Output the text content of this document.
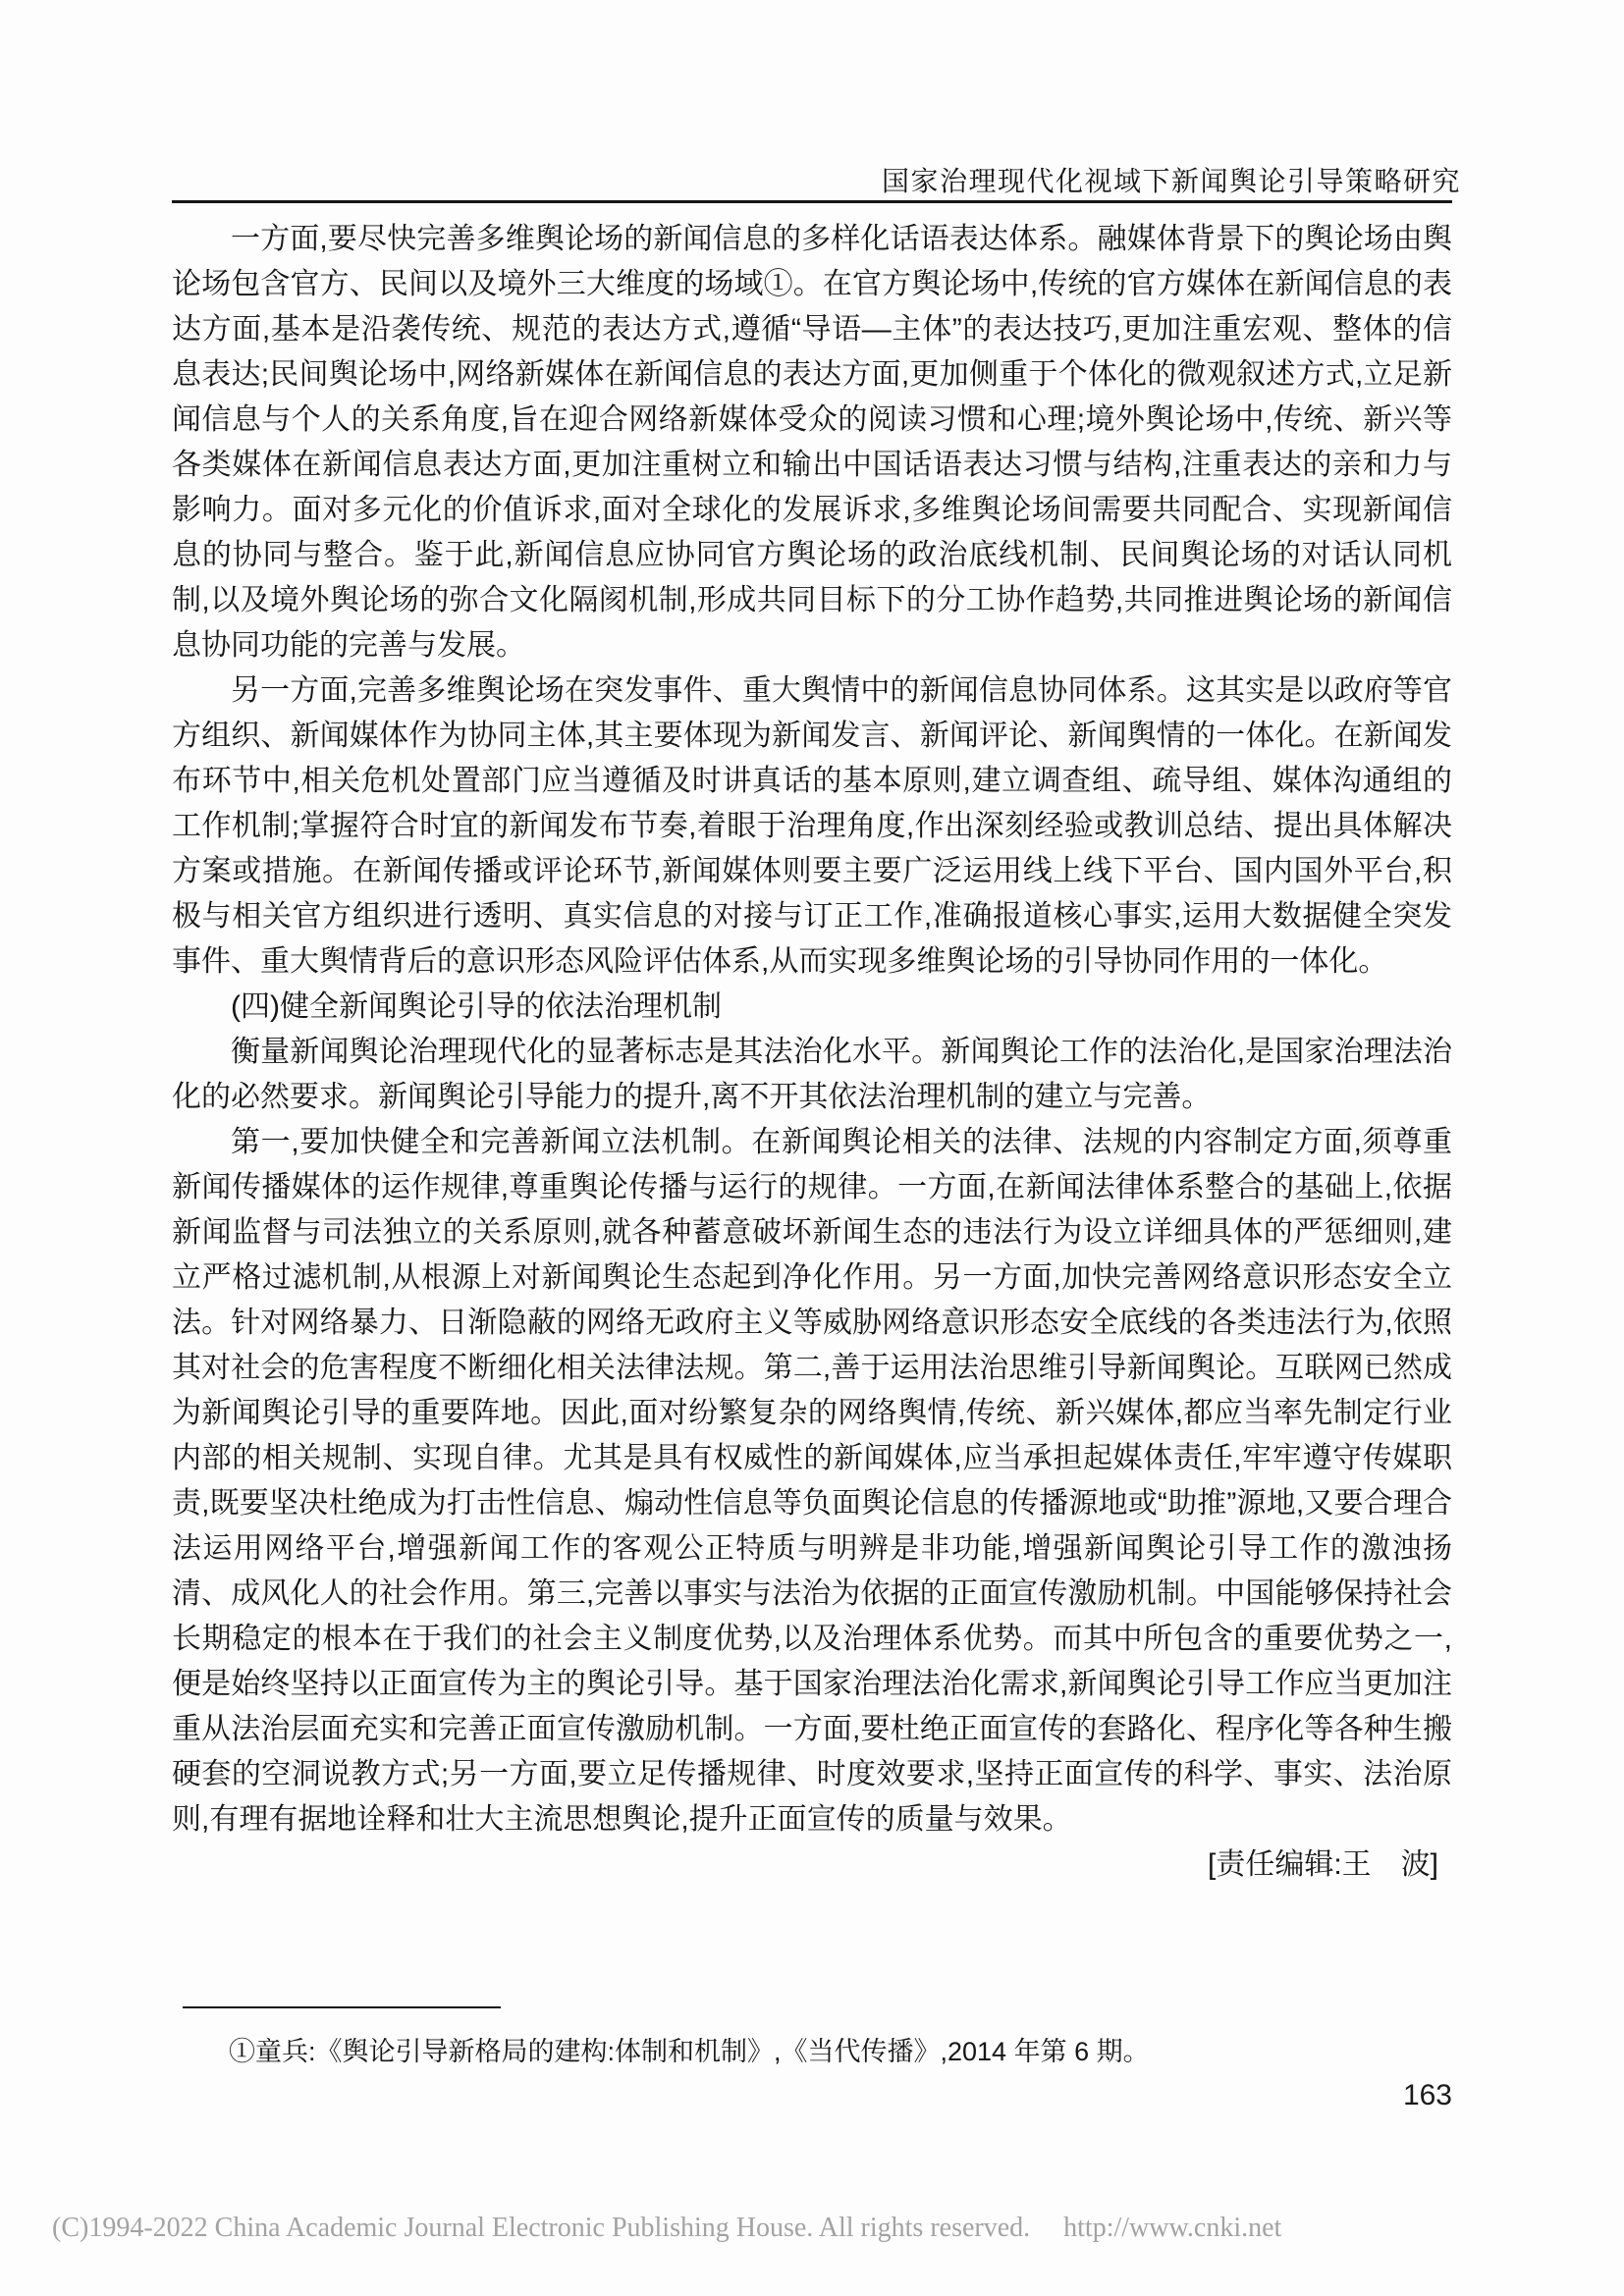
国家治理现代化视域下新闻舆论引导策略研究

一方面,要尽快完善多维舆论场的新闻信息的多样化话语表达体系。融媒体背景下的舆论场由舆论场包含官方、民间以及境外三大维度的场域①。在官方舆论场中,传统的官方媒体在新闻信息的表达方面,基本是沿袭传统、规范的表达方式,遵循“导语—主体”的表达技巧,更加注重宏观、整体的信息表达;民间舆论场中,网络新媒体在新闻信息的表达方面,更加侧重于个体化的微观叙述方式,立足新闻信息与个人的关系角度,旨在迎合网络新媒体受众的阅读习惯和心理;境外舆论场中,传统、新兴等各类媒体在新闻信息表达方面,更加注重树立和输出中国话语表达习惯与结构,注重表达的亲和力与影响力。面对多元化的价值诉求,面对全球化的发展诉求,多维舆论场间需要共同配合、实现新闻信息的协同与整合。鉴于此,新闻信息应协同官方舆论场的政治底线机制、民间舆论场的对话认同机制,以及境外舆论场的弥合文化隔阂机制,形成共同目标下的分工协作趋势,共同推进舆论场的新闻信息协同功能的完善与发展。

另一方面,完善多维舆论场在突发事件、重大舆情中的新闻信息协同体系。这其实是以政府等官方组织、新闻媒体作为协同主体,其主要体现为新闻发言、新闻评论、新闻舆情的一体化。在新闻发布环节中,相关危机处置部门应当遵循及时讲真话的基本原则,建立调查组、疏导组、媒体沟通组的工作机制;掌握符合时宜的新闻发布节奏,着眼于治理角度,作出深刻经验或教训总结、提出具体解决方案或措施。在新闻传播或评论环节,新闻媒体则要主要广泛运用线上线下平台、国内国外平台,积极与相关官方组织进行透明、真实信息的对接与订正工作,准确报道核心事实,运用大数据健全突发事件、重大舆情背后的意识形态风险评估体系,从而实现多维舆论场的引导协同作用的一体化。

(四)健全新闻舆论引导的依法治理机制

衡量新闻舆论治理现代化的显著标志是其法治化水平。新闻舆论工作的法治化,是国家治理法治化的必然要求。新闻舆论引导能力的提升,离不开其依法治理机制的建立与完善。

第一,要加快健全和完善新闻立法机制。在新闻舆论相关的法律、法规的内容制定方面,须尊重新闻传播媒体的运作规律,尊重舆论传播与运行的规律。一方面,在新闻法律体系整合的基础上,依据新闻监督与司法独立的关系原则,就各种蓄意破坏新闻生态的违法行为设立详细具体的严惩细则,建立严格过滤机制,从根源上对新闻舆论生态起到净化作用。另一方面,加快完善网络意识形态安全立法。针对网络暴力、日渐隐蔽的网络无政府主义等威胁网络意识形态安全底线的各类违法行为,依照其对社会的危害程度不断细化相关法律法规。第二,善于运用法治思维引导新闻舆论。互联网已然成为新闻舆论引导的重要阵地。因此,面对纷繁复杂的网络舆情,传统、新兴媒体,都应当率先制定行业内部的相关规制、实现自律。尤其是具有权威性的新闻媒体,应当承担起媒体责任,牢牢遵守传媒职责,既要坚决杜绝成为打击性信息、煽动性信息等负面舆论信息的传播源地或“助推”源地,又要合理合法运用网络平台,增强新闻工作的客观公正特质与明辨是非功能,增强新闻舆论引导工作的激浊扬清、成风化人的社会作用。第三,完善以事实与法治为依据的正面宣传激励机制。中国能够保持社会长期稳定的根本在于我们的社会主义制度优势,以及治理体系优势。而其中所包含的重要优势之一,便是始终坚持以正面宣传为主的舆论引导。基于国家治理法治化需求,新闻舆论引导工作应当更加注重从法治层面充实和完善正面宣传激励机制。一方面,要杜绝正面宣传的套路化、程序化等各种生搬硬套的空洞说教方式;另一方面,要立足传播规律、时度效要求,坚持正面宣传的科学、事实、法治原则,有理有据地诠释和壮大主流思想舆论,提升正面宣传的质量与效果。

[责任编辑:王　波]

①童兵:《舆论引导新格局的建构:体制和机制》,《当代传播》,2014 年第 6 期。
163
(C)1994-2022 China Academic Journal Electronic Publishing House. All rights reserved. http://www.cnki.net
